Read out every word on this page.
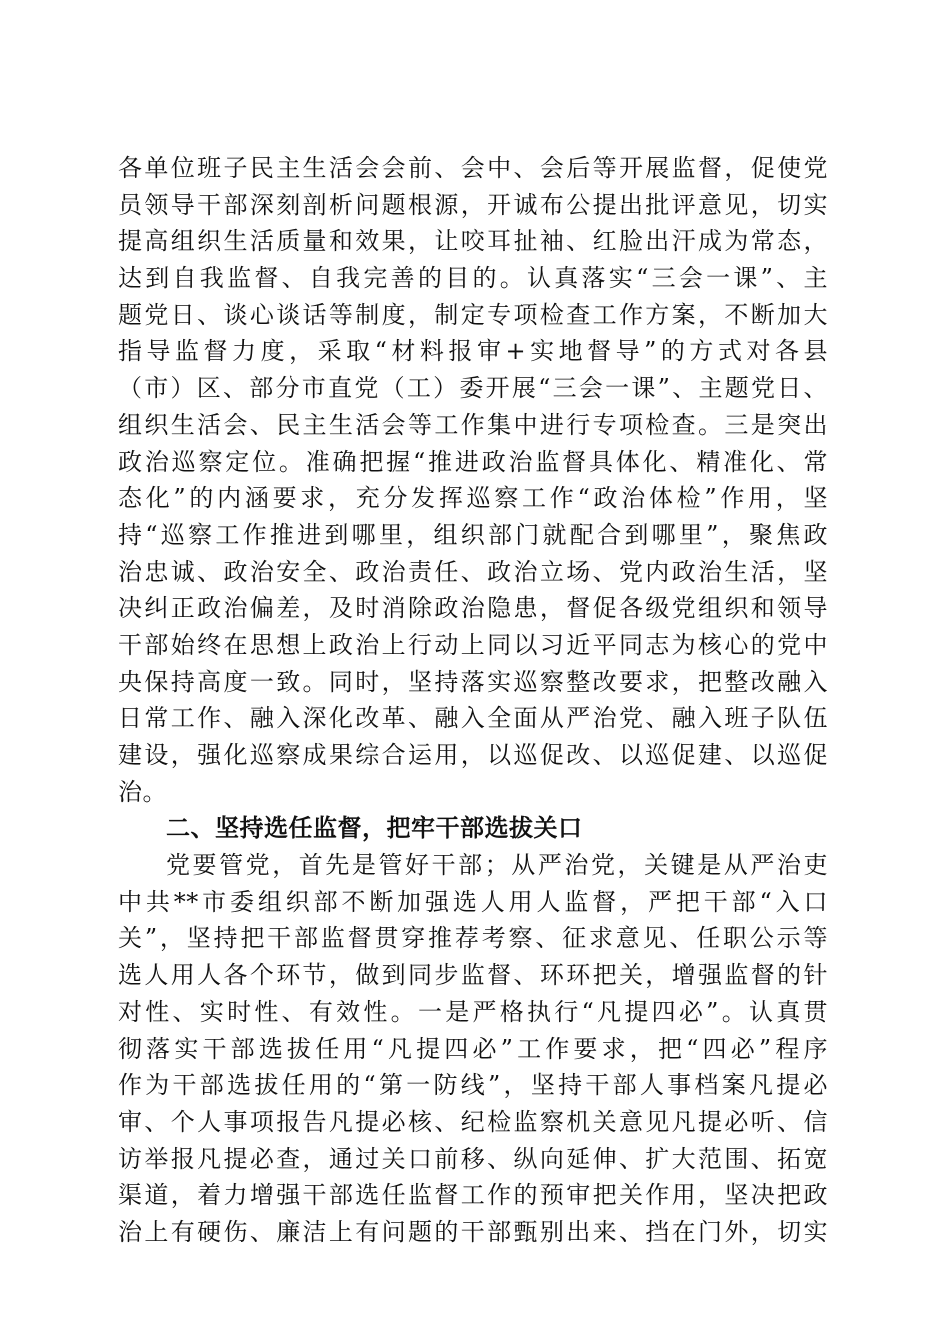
各单位班子民主生活会会前、会中、会后等开展监督，促使党
员领导干部深刻剖析问题根源，开诚布公提出批评意见，切实
提高组织生活质量和效果，让咬耳扯袖、红脸出汗成为常态，
达到自我监督、自我完善的目的。认真落实“三会一课”、主
题党日、谈心谈话等制度，制定专项检查工作方案，不断加大
指导监督力度，采取“材料报审+实地督导”的方式对各县
（市）区、部分市直党（工）委开展“三会一课”、主题党日、
组织生活会、民主生活会等工作集中进行专项检查。三是突出
政治巡察定位。准确把握“推进政治监督具体化、精准化、常
态化”的内涵要求，充分发挥巡察工作“政治体检”作用，坚
持“巡察工作推进到哪里，组织部门就配合到哪里”，聚焦政
治忠诚、政治安全、政治责任、政治立场、党内政治生活，坚
决纠正政治偏差，及时消除政治隐患，督促各级党组织和领导
干部始终在思想上政治上行动上同以习近平同志为核心的党中
央保持高度一致。同时，坚持落实巡察整改要求，把整改融入
日常工作、融入深化改革、融入全面从严治党、融入班子队伍
建设，强化巡察成果综合运用，以巡促改、以巡促建、以巡促
治。
二、坚持选任监督，把牢干部选拔关口
党要管党，首先是管好干部；从严治党，关键是从严治吏
中共**市委组织部不断加强选人用人监督，严把干部“入口
关”，坚持把干部监督贯穿推荐考察、征求意见、任职公示等
选人用人各个环节，做到同步监督、环环把关，增强监督的针
对性、实时性、有效性。一是严格执行“凡提四必”。认真贯
彻落实干部选拔任用“凡提四必”工作要求，把“四必”程序
作为干部选拔任用的“第一防线”，坚持干部人事档案凡提必
审、个人事项报告凡提必核、纪检监察机关意见凡提必听、信
访举报凡提必查，通过关口前移、纵向延伸、扩大范围、拓宽
渠道，着力增强干部选任监督工作的预审把关作用，坚决把政
治上有硬伤、廉洁上有问题的干部甄别出来、挡在门外，切实
